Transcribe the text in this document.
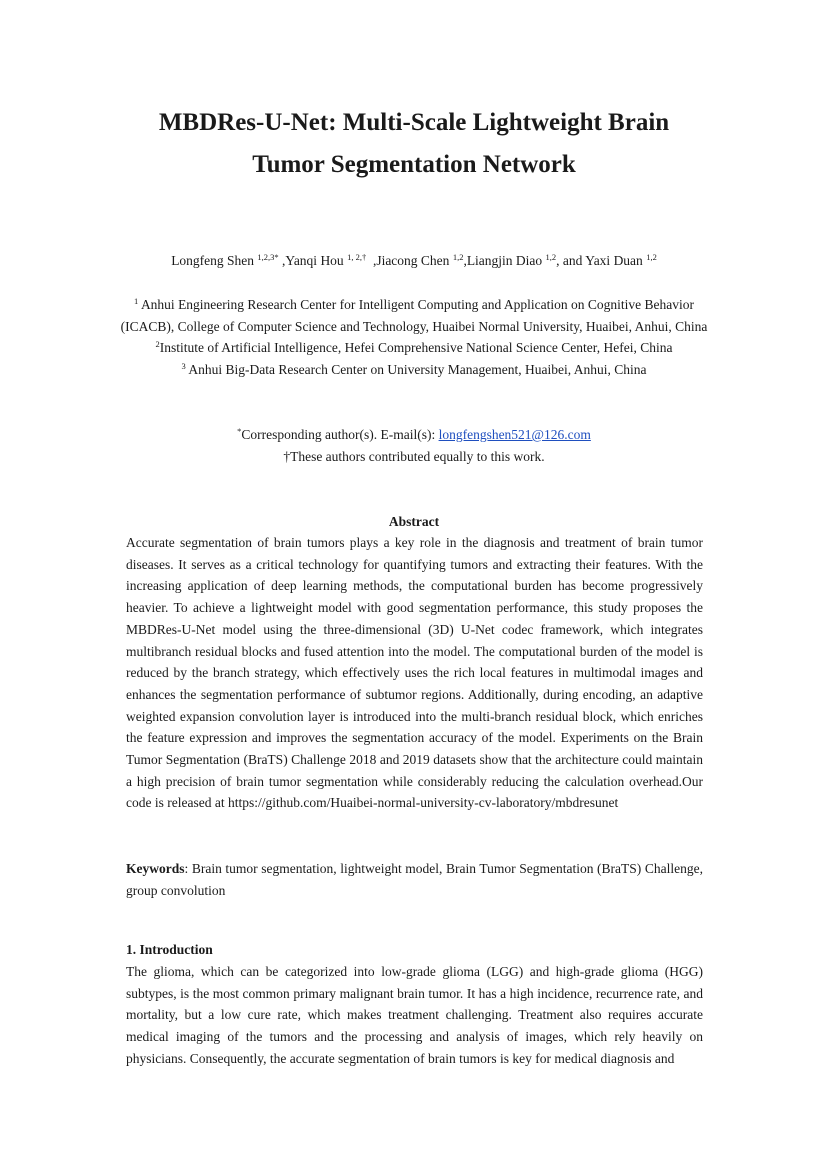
MBDRes-U-Net: Multi-Scale Lightweight Brain
Tumor Segmentation Network
Longfeng Shen $^{1,2,3*}$ ,Yanqi Hou $^{1, 2,\dagger}$  ,Jiacong Chen $^{1,2}$,Liangjin Diao $^{1,2}$, and Yaxi Duan $^{1,2}$
$^1$ Anhui Engineering Research Center for Intelligent Computing and Application on Cognitive Behavior (ICACB), College of Computer Science and Technology, Huaibei Normal University, Huaibei, Anhui, China
$^2$Institute of Artificial Intelligence, Hefei Comprehensive National Science Center, Hefei, China
$^3$ Anhui Big-Data Research Center on University Management, Huaibei, Anhui, China
*Corresponding author(s). E-mail(s): longfengshen521@126.com
†These authors contributed equally to this work.
Abstract
Accurate segmentation of brain tumors plays a key role in the diagnosis and treatment of brain tumor diseases. It serves as a critical technology for quantifying tumors and extracting their features. With the increasing application of deep learning methods, the computational burden has become progressively heavier. To achieve a lightweight model with good segmentation performance, this study proposes the MBDRes-U-Net model using the three-dimensional (3D) U-Net codec framework, which integrates multibranch residual blocks and fused attention into the model. The computational burden of the model is reduced by the branch strategy, which effectively uses the rich local features in multimodal images and enhances the segmentation performance of subtumor regions. Additionally, during encoding, an adaptive weighted expansion convolution layer is introduced into the multi-branch residual block, which enriches the feature expression and improves the segmentation accuracy of the model. Experiments on the Brain Tumor Segmentation (BraTS) Challenge 2018 and 2019 datasets show that the architecture could maintain a high precision of brain tumor segmentation while considerably reducing the calculation overhead.Our code is released at https://github.com/Huaibei-normal-university-cv-laboratory/mbdresunet
Keywords: Brain tumor segmentation, lightweight model, Brain Tumor Segmentation (BraTS) Challenge, group convolution
1. Introduction
The glioma, which can be categorized into low-grade glioma (LGG) and high-grade glioma (HGG) subtypes, is the most common primary malignant brain tumor. It has a high incidence, recurrence rate, and mortality, but a low cure rate, which makes treatment challenging. Treatment also requires accurate medical imaging of the tumors and the processing and analysis of images, which rely heavily on physicians. Consequently, the accurate segmentation of brain tumors is key for medical diagnosis and
